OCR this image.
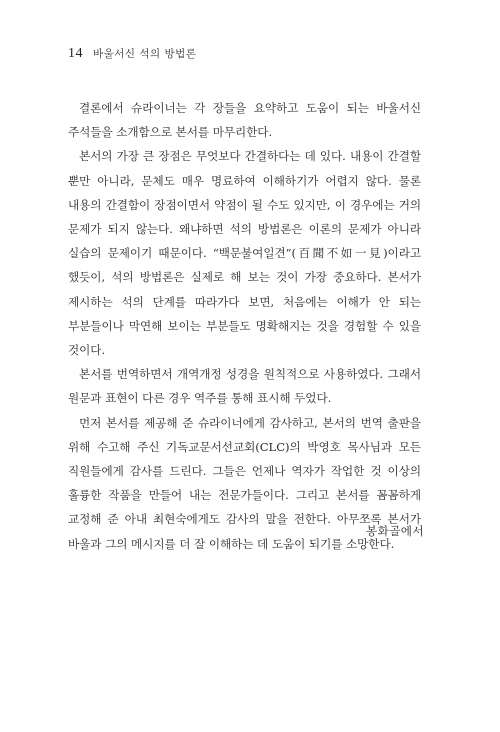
14 바울서신 석의 방법론

결론에서 슈라이너는 각 장들을 요약하고 도움이 되는 바울서신 주석들을 소개함으로 본서를 마무리한다.

본서의 가장 큰 장점은 무엇보다 간결하다는 데 있다. 내용이 간결할 뿐만 아니라, 문체도 매우 명료하여 이해하기가 어렵지 않다. 물론 내용의 간결함이 장점이면서 약점이 될 수도 있지만, 이 경우에는 거의 문제가 되지 않는다. 왜냐하면 석의 방법론은 이론의 문제가 아니라 실습의 문제이기 때문이다. “백문불여일견”(百聞不如一見)이라고 했듯이, 석의 방법론은 실제로 해 보는 것이 가장 중요하다. 본서가 제시하는 석의 단계를 따라가다 보면, 처음에는 이해가 안 되는 부분들이나 막연해 보이는 부분들도 명확해지는 것을 경험할 수 있을 것이다.

본서를 번역하면서 개역개정 성경을 원칙적으로 사용하였다. 그래서 원문과 표현이 다른 경우 역주를 통해 표시해 두었다.

먼저 본서를 제공해 준 슈라이너에게 감사하고, 본서의 번역 출판을 위해 수고해 주신 기독교문서선교회(CLC)의 박영호 목사님과 모든 직원들에게 감사를 드린다. 그들은 언제나 역자가 작업한 것 이상의 훌륭한 작품을 만들어 내는 전문가들이다. 그리고 본서를 꼼꼼하게 교정해 준 아내 최현숙에게도 감사의 말을 전한다. 아무쪼록 본서가 바울과 그의 메시지를 더 잘 이해하는 데 도움이 되기를 소망한다.

봉화골에서
